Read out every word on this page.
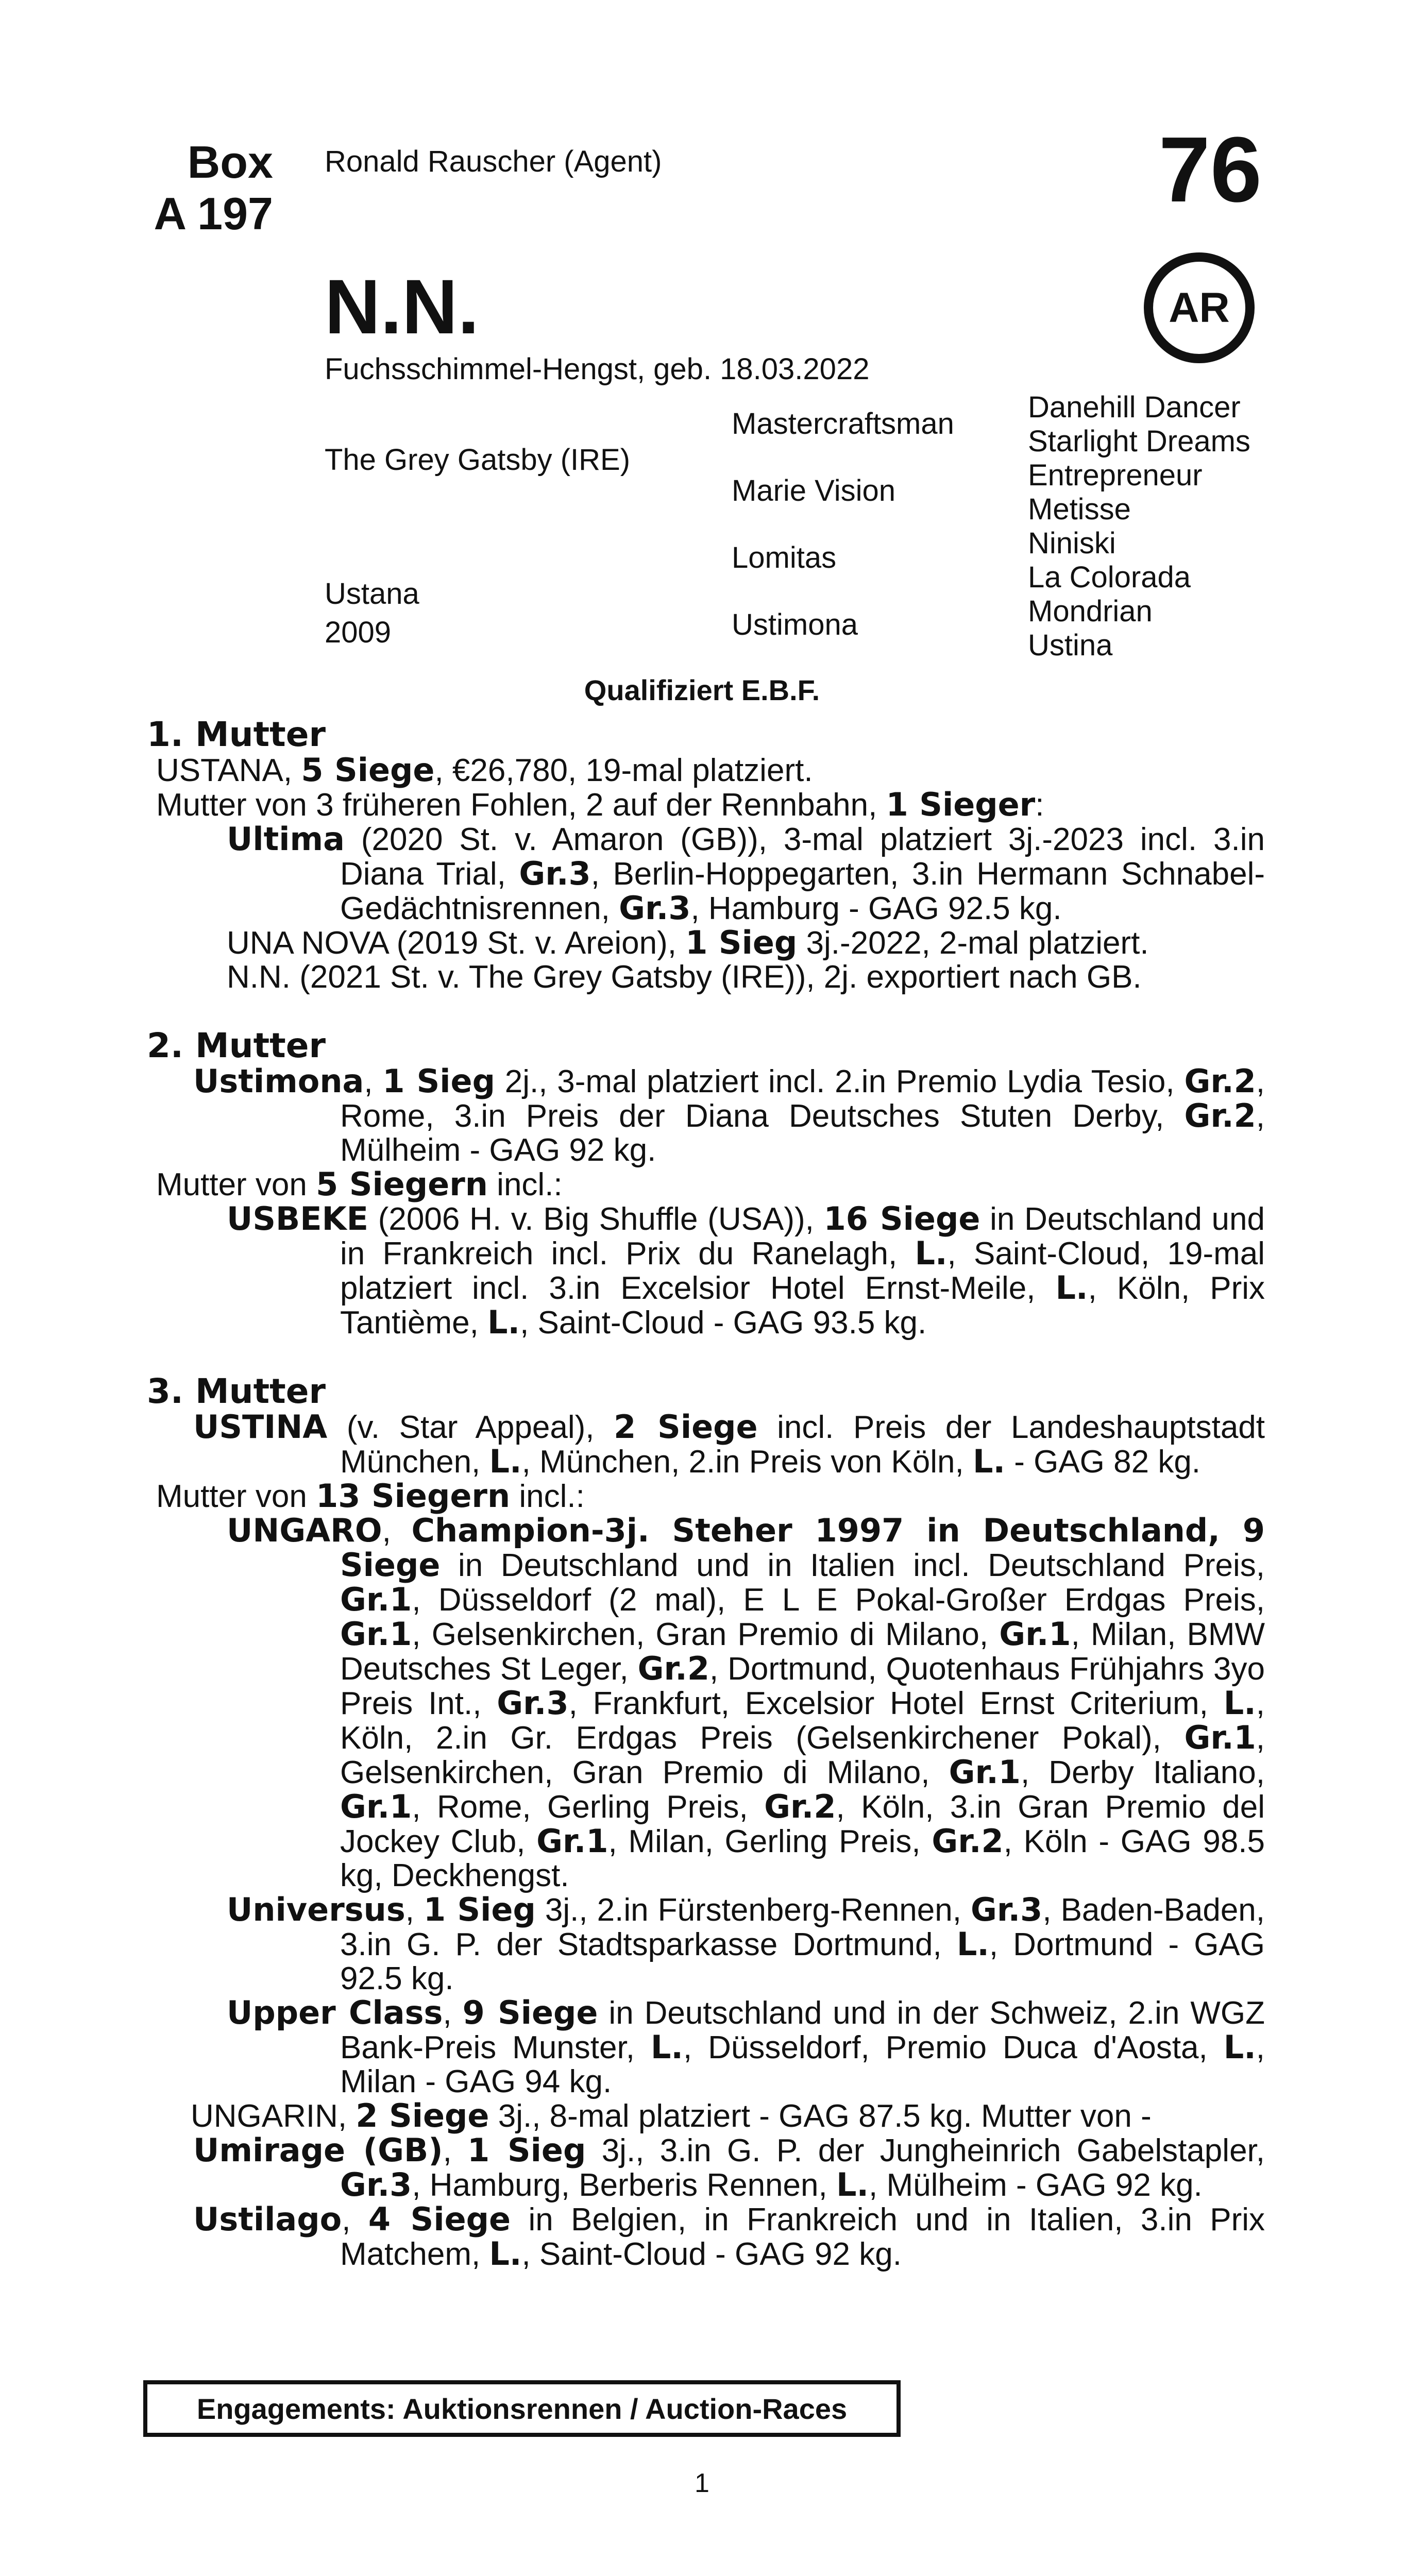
Box
A 197
Ronald Rauscher (Agent)	76
AR
N.N.
Fuchsschimmel-Hengst, geb. 18.03.2022
The Grey Gatsby (IRE)
Ustana
2009
Mastercraftsman
Marie Vision
Lomitas
Ustimona
Danehill Dancer
Starlight Dreams
Entrepreneur
Metisse
Niniski
La Colorada
Mondrian
Ustina
Qualifiziert E.B.F.
1. Mutter

USTANA, 5 Siege, €26,780, 19-mal platziert.

Mutter von 3 früheren Fohlen, 2 auf der Rennbahn, 1 Sieger:

Ultima (2020 St. v. Amaron (GB)), 3-mal platziert 3j.-2023 incl. 3.in Diana Trial, Gr.3, Berlin-Hoppegarten, 3.in Hermann Schnabel-Gedächtnisrennen, Gr.3, Hamburg - GAG 92.5 kg.

UNA NOVA (2019 St. v. Areion), 1 Sieg 3j.-2022, 2-mal platziert.

N.N. (2021 St. v. The Grey Gatsby (IRE)), 2j. exportiert nach GB.

2. Mutter

Ustimona, 1 Sieg 2j., 3-mal platziert incl. 2.in Premio Lydia Tesio, Gr.2, Rome, 3.in Preis der Diana Deutsches Stuten Derby, Gr.2, Mülheim - GAG 92 kg.

Mutter von 5 Siegern incl.:

USBEKE (2006 H. v. Big Shuffle (USA)), 16 Siege in Deutschland und in Frankreich incl. Prix du Ranelagh, L., Saint-Cloud, 19-mal platziert incl. 3.in Excelsior Hotel Ernst-Meile, L., Köln, Prix Tantième, L., Saint-Cloud - GAG 93.5 kg.

3. Mutter

USTINA (v. Star Appeal), 2 Siege incl. Preis der Landeshauptstadt München, L., München, 2.in Preis von Köln, L. - GAG 82 kg.

Mutter von 13 Siegern incl.:

UNGARO, Champion-3j. Steher 1997 in Deutschland, 9 Siege in Deutschland und in Italien incl. Deutschland Preis, Gr.1, Düsseldorf (2 mal), E L E Pokal-Großer Erdgas Preis, Gr.1, Gelsenkirchen, Gran Premio di Milano, Gr.1, Milan, BMW Deutsches St Leger, Gr.2, Dortmund, Quotenhaus Frühjahrs 3yo Preis Int., Gr.3, Frankfurt, Excelsior Hotel Ernst Criterium, L., Köln, 2.in Gr. Erdgas Preis (Gelsenkirchener Pokal), Gr.1, Gelsenkirchen, Gran Premio di Milano, Gr.1, Derby Italiano, Gr.1, Rome, Gerling Preis, Gr.2, Köln, 3.in Gran Premio del Jockey Club, Gr.1, Milan, Gerling Preis, Gr.2, Köln - GAG 98.5 kg, Deckhengst.

Universus, 1 Sieg 3j., 2.in Fürstenberg-Rennen, Gr.3, Baden-Baden, 3.in G. P. der Stadtsparkasse Dortmund, L., Dortmund - GAG 92.5 kg.

Upper Class, 9 Siege in Deutschland und in der Schweiz, 2.in WGZ Bank-Preis Munster, L., Düsseldorf, Premio Duca d'Aosta, L., Milan - GAG 94 kg.

UNGARIN, 2 Siege 3j., 8-mal platziert - GAG 87.5 kg. Mutter von -

Umirage (GB), 1 Sieg 3j., 3.in G. P. der Jungheinrich Gabelstapler, Gr.3, Hamburg, Berberis Rennen, L., Mülheim - GAG 92 kg.

Ustilago, 4 Siege in Belgien, in Frankreich und in Italien, 3.in Prix Matchem, L., Saint-Cloud - GAG 92 kg.

Engagements: Auktionsrennen / Auction-Races
1
